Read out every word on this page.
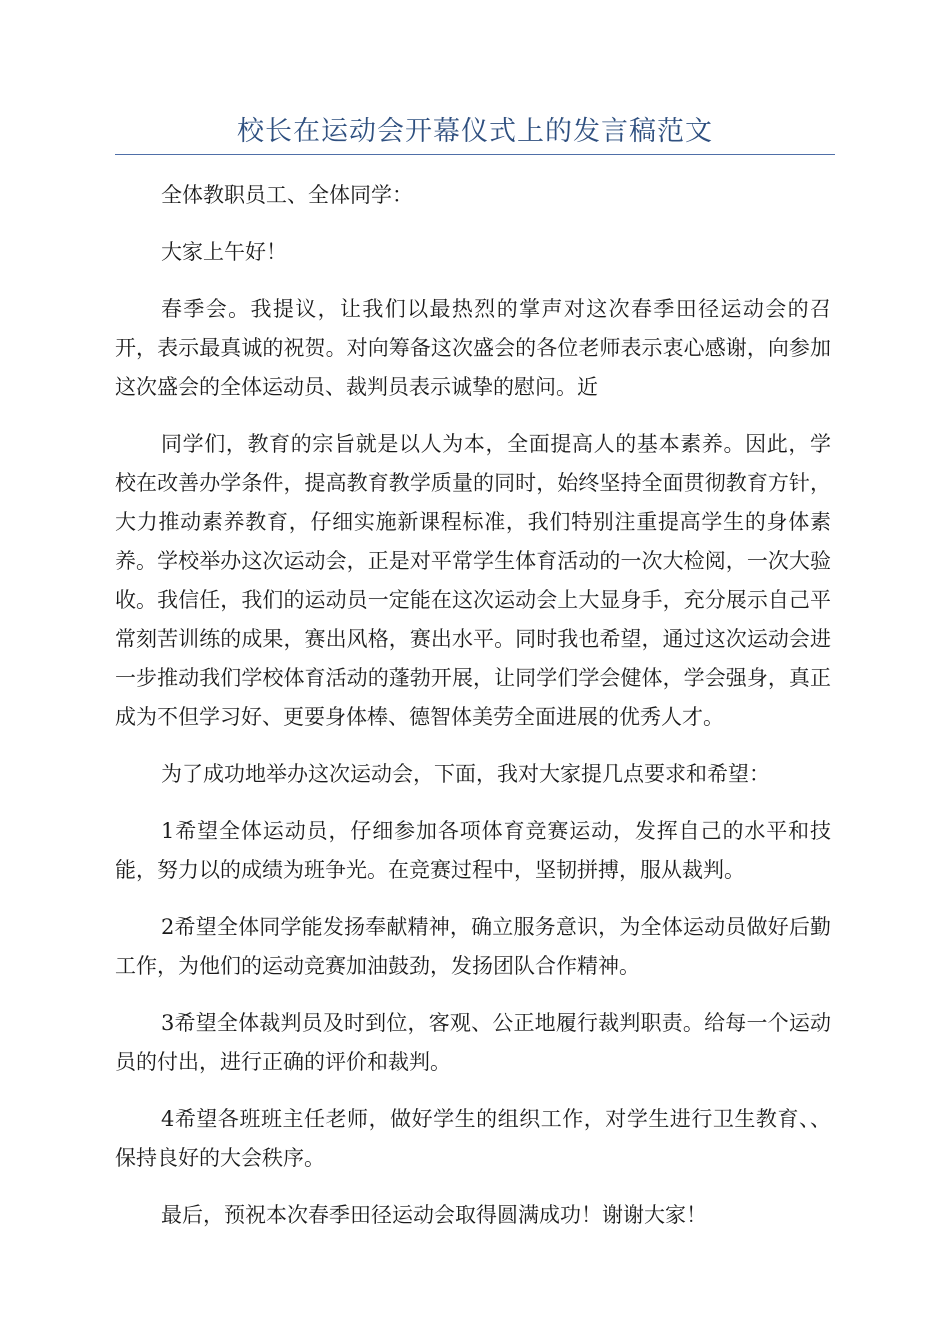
校长在运动会开幕仪式上的发言稿范文

全体教职员工、全体同学：

大家上午好！

春季会。我提议，让我们以最热烈的掌声对这次春季田径运动会的召开，表示最真诚的祝贺。对向筹备这次盛会的各位老师表示衷心感谢，向参加这次盛会的全体运动员、裁判员表示诚挚的慰问。近

同学们，教育的宗旨就是以人为本，全面提高人的基本素养。因此，学校在改善办学条件，提高教育教学质量的同时，始终坚持全面贯彻教育方针，大力推动素养教育，仔细实施新课程标准，我们特别注重提高学生的身体素养。学校举办这次运动会，正是对平常学生体育活动的一次大检阅，一次大验收。我信任，我们的运动员一定能在这次运动会上大显身手，充分展示自己平常刻苦训练的成果，赛出风格，赛出水平。同时我也希望，通过这次运动会进一步推动我们学校体育活动的蓬勃开展，让同学们学会健体，学会强身，真正成为不但学习好、更要身体棒、德智体美劳全面进展的优秀人才。

为了成功地举办这次运动会，下面，我对大家提几点要求和希望：

1希望全体运动员，仔细参加各项体育竞赛运动，发挥自己的水平和技能，努力以的成绩为班争光。在竞赛过程中，坚韧拼搏，服从裁判。

2希望全体同学能发扬奉献精神，确立服务意识，为全体运动员做好后勤工作，为他们的运动竞赛加油鼓劲，发扬团队合作精神。

3希望全体裁判员及时到位，客观、公正地履行裁判职责。给每一个运动员的付出，进行正确的评价和裁判。

4希望各班班主任老师，做好学生的组织工作，对学生进行卫生教育、、保持良好的大会秩序。

最后，预祝本次春季田径运动会取得圆满成功！谢谢大家！
